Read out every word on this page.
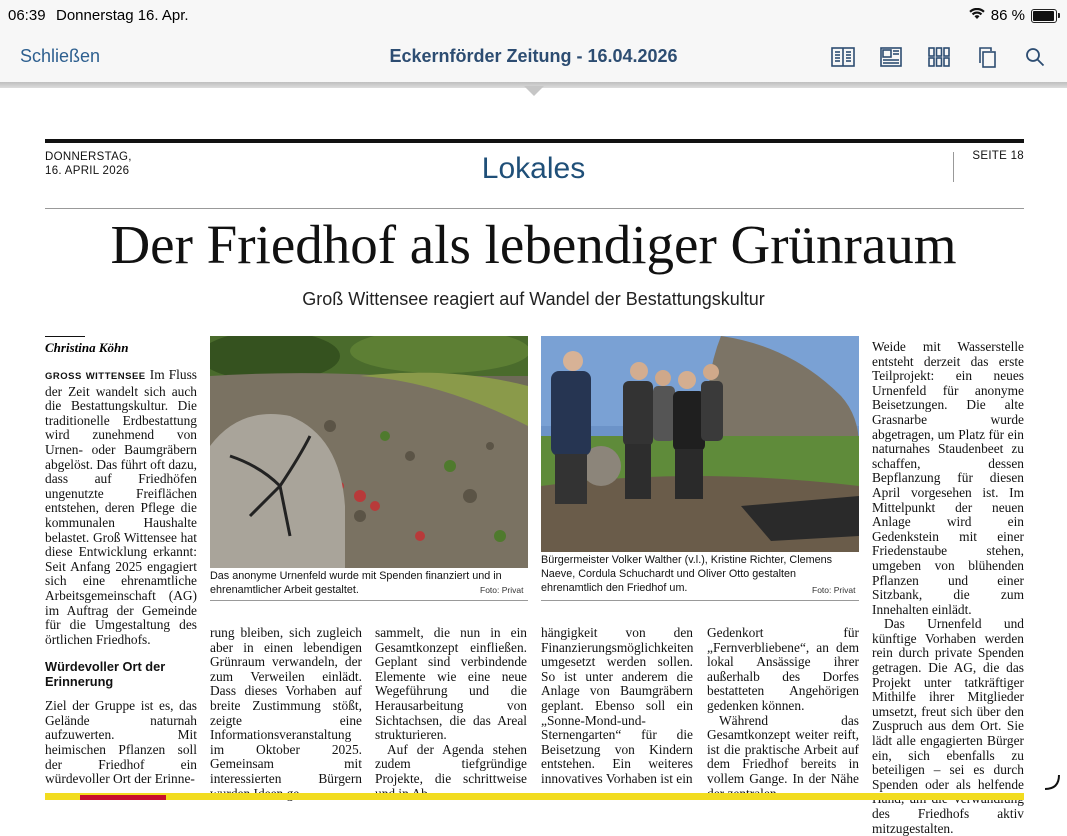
06:39 Donnerstag 16. Apr.	86 %
Schließen	Eckernförder Zeitung - 16.04.2026
DONNERSTAG,
16. APRIL 2026	Lokales	SEITE 18
Der Friedhof als lebendiger Grünraum
Groß Wittensee reagiert auf Wandel der Bestattungskultur
Christina Köhn

GROSS WITTENSEE Im Fluss der Zeit wandelt sich auch die Bestattungskultur. Die traditionelle Erdbestattung wird zunehmend von Urnen- oder Baumgräbern abgelöst. Das führt oft dazu, dass auf Friedhöfen ungenutzte Freiflächen entstehen, deren Pflege die kommunalen Haushalte belastet. Groß Wittensee hat diese Entwicklung erkannt: Seit Anfang 2025 engagiert sich eine ehrenamtliche Arbeitsgemeinschaft (AG) im Auftrag der Gemeinde für die Umgestaltung des örtlichen Friedhofs.

Würdevoller Ort der Erinnerung

Ziel der Gruppe ist es, das Gelände naturnah aufzuwerten. Mit heimischen Pflanzen soll der Friedhof ein würdevoller Ort der Erinne-

Das anonyme Urnenfeld wurde mit Spenden finanziert und in ehrenamtlicher Arbeit gestaltet.	Foto: Privat
Bürgermeister Volker Walther (v.l.), Kristine Richter, Clemens Naeve, Cordula Schuchardt und Oliver Otto gestalten ehrenamtlich den Friedhof um.	Foto: Privat
rung bleiben, sich zugleich aber in einen lebendigen Grünraum verwandeln, der zum Verweilen einlädt. Dass dieses Vorhaben auf breite Zustimmung stößt, zeigte eine Informationsveranstaltung im Oktober 2025. Gemeinsam mit interessierten Bürgern

sammelt, die nun in ein Gesamtkonzept einfließen. Geplant sind verbindende Elemente wie eine neue Wegeführung und die Herausarbeitung von Sichtachsen, die das Areal strukturieren.

Auf der Agenda stehen zudem tiefgründige Projekte, die schrittweise

hängigkeit von den Finanzierungsmöglichkeiten umgesetzt werden sollen. So ist unter anderem die Anlage von Baumgräbern geplant. Ebenso soll ein „Sonne-Mond-und-Sternengarten“ für die Beisetzung von Kindern entstehen. Ein weiteres innovatives Vorhaben ist ein

Gedenkort für „Fernverbliebene“, an dem lokal Ansässige ihrer außerhalb des Dorfes bestatteten Angehörigen gedenken können.

Während das Gesamtkonzept weiter reift, ist die praktische Arbeit auf dem Friedhof bereits in vollem Gange. In der Nähe

Weide mit Wasserstelle entsteht derzeit das erste Teilprojekt: ein neues Urnenfeld für anonyme Beisetzungen. Die alte Grasnarbe wurde abgetragen, um Platz für ein naturnahes Staudenbeet zu schaffen, dessen Bepflanzung für diesen April vorgesehen ist. Im Mittelpunkt der neuen Anlage wird ein Gedenkstein mit einer Friedenstaube stehen, umgeben von blühenden Pflanzen und einer Sitzbank, die zum Innehalten einlädt.

Das Urnenfeld und künftige Vorhaben werden rein durch private Spenden getragen. Die AG, die das Projekt unter tatkräftiger Mithilfe ihrer Mitglieder umsetzt, freut sich über den Zuspruch aus dem Ort. Sie lädt alle engagierten Bürger ein, sich ebenfalls zu beteiligen – sei es durch Spenden oder als helfende des Friedhofs aktiv mitzugestalten.
